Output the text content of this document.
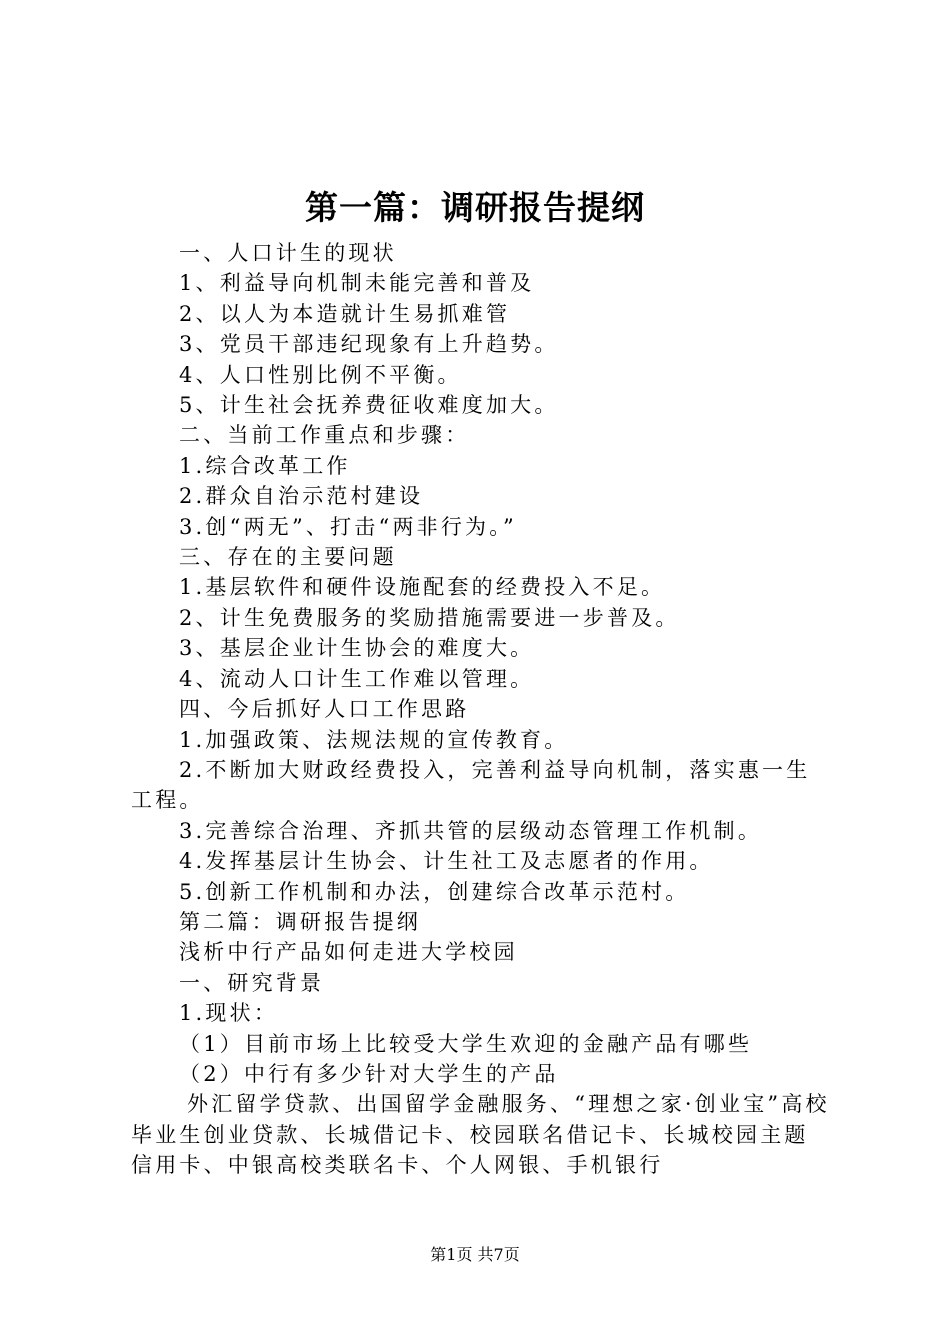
第一篇：调研报告提纲

一、人口计生的现状

1、利益导向机制未能完善和普及

2、以人为本造就计生易抓难管

3、党员干部违纪现象有上升趋势。

4、人口性别比例不平衡。

5、计生社会抚养费征收难度加大。

二、当前工作重点和步骤：

1.综合改革工作

2.群众自治示范村建设

3.创“两无”、打击“两非行为。”

三、存在的主要问题

1.基层软件和硬件设施配套的经费投入不足。

2、计生免费服务的奖励措施需要进一步普及。

3、基层企业计生协会的难度大。

4、流动人口计生工作难以管理。

四、今后抓好人口工作思路

1.加强政策、法规法规的宣传教育。

2.不断加大财政经费投入，完善利益导向机制，落实惠一生工程。

3.完善综合治理、齐抓共管的层级动态管理工作机制。

4.发挥基层计生协会、计生社工及志愿者的作用。

5.创新工作机制和办法，创建综合改革示范村。

第二篇：调研报告提纲

浅析中行产品如何走进大学校园

一、研究背景

1.现状：

（1）目前市场上比较受大学生欢迎的金融产品有哪些

（2）中行有多少针对大学生的产品

外汇留学贷款、出国留学金融服务、“理想之家·创业宝”高校毕业生创业贷款、长城借记卡、校园联名借记卡、长城校园主题信用卡、中银高校类联名卡、个人网银、手机银行

第1页 共7页
